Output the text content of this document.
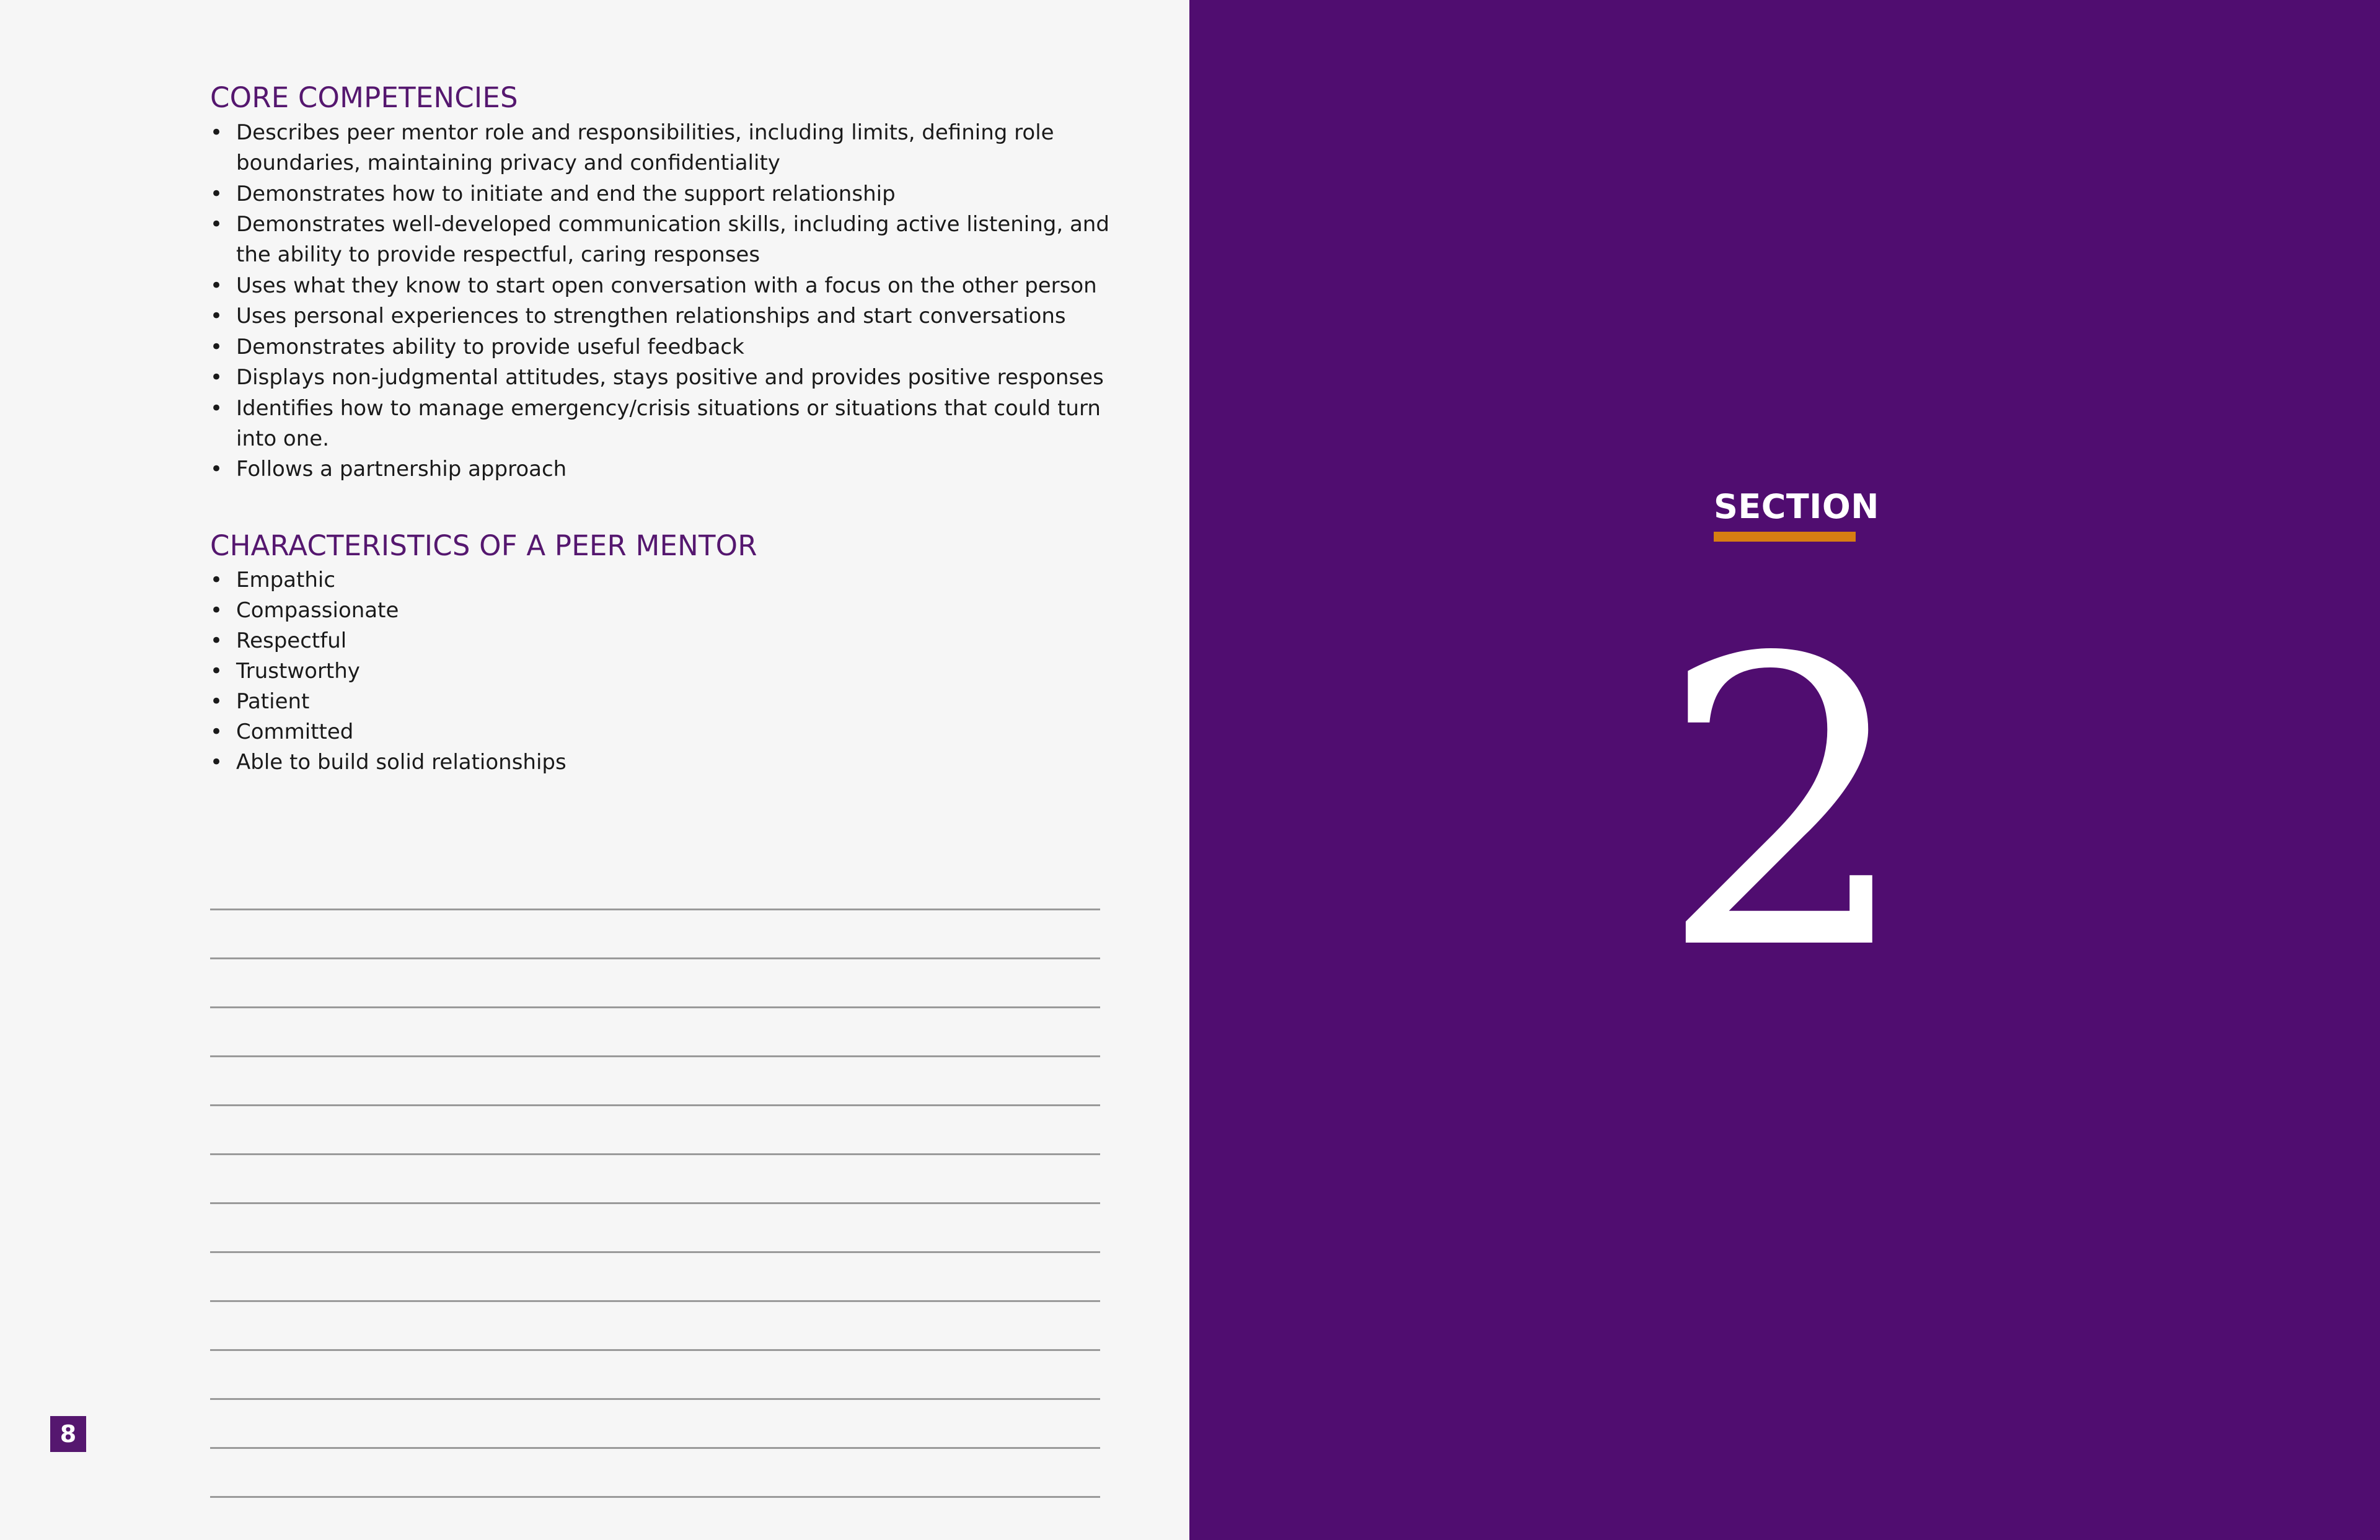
CORE COMPETENCIES
• Describes peer mentor role and responsibilities, including limits, defining role boundaries, maintaining privacy and confidentiality
• Demonstrates how to initiate and end the support relationship
• Demonstrates well-developed communication skills, including active listening, and the ability to provide respectful, caring responses
• Uses what they know to start open conversation with a focus on the other person
• Uses personal experiences to strengthen relationships and start conversations
• Demonstrates ability to provide useful feedback
• Displays non-judgmental attitudes, stays positive and provides positive responses
• Identifies how to manage emergency/crisis situations or situations that could turn into one.
• Follows a partnership approach
CHARACTERISTICS OF A PEER MENTOR
• Empathic
• Compassionate
• Respectful
• Trustworthy
• Patient
• Committed
• Able to build solid relationships
8
SECTION
2
